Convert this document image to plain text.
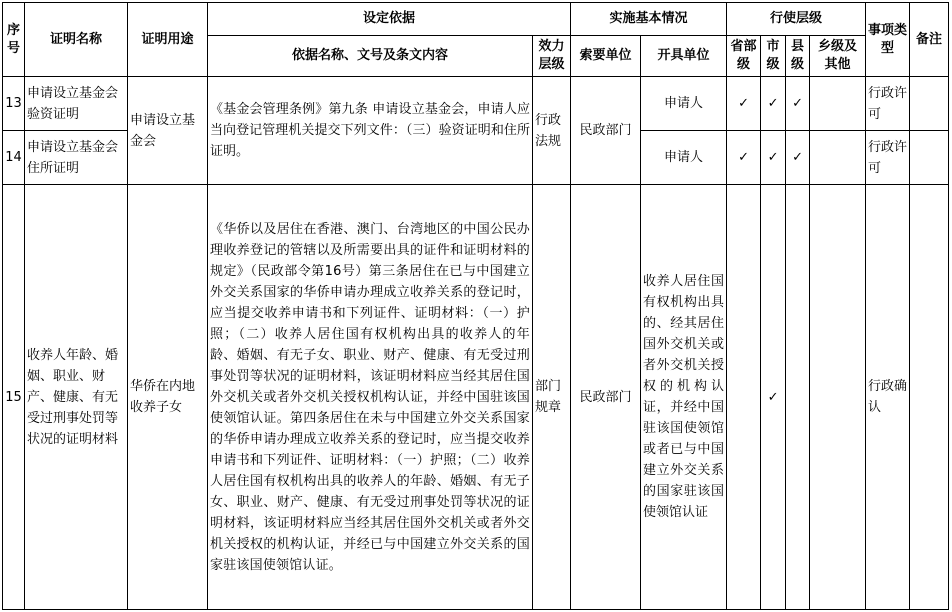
序号	证明名称	证明用途	设定依据		实施基本情况		行使层级				事项类型	备注
			依据名称、文号及条文内容	效力层级	索要单位	开具单位	省部级	市级	县级	乡级及其他		
13	申请设立基金会验资证明	申请设立基金会	《基金会管理条例》第九条 申请设立基金会，申请人应当向登记管理机关提交下列文件：（三）验资证明和住所证明。	行政法规	民政部门	申请人	✓	✓	✓		行政许可	
14	申请设立基金会住所证明					申请人	✓	✓	✓		行政许可	
15	收养人年龄、婚姻、职业、财产、健康、有无受过刑事处罚等状况的证明材料	华侨在内地收养子女	《华侨以及居住在香港、澳门、台湾地区的中国公民办理收养登记的管辖以及所需要出具的证件和证明材料的规定》（民政部令第16号）第三条居住在已与中国建立外交关系国家的华侨申请办理成立收养关系的登记时，应当提交收养申请书和下列证件、证明材料：（一）护照；（二）收养人居住国有权机构出具的收养人的年龄、婚姻、有无子女、职业、财产、健康、有无受过刑事处罚等状况的证明材料，该证明材料应当经其居住国外交机关或者外交机关授权机构认证，并经中国驻该国使领馆认证。第四条居住在未与中国建立外交关系国家的华侨申请办理成立收养关系的登记时，应当提交收养申请书和下列证件、证明材料：（一）护照；（二）收养人居住国有权机构出具的收养人的年龄、婚姻、有无子女、职业、财产、健康、有无受过刑事处罚等状况的证明材料，该证明材料应当经其居住国外交机关或者外交机关授权的机构认证，并经已与中国建立外交关系的国家驻该国使领馆认证。	部门规章	民政部门	收养人居住国有权机构出具的、经其居住国外交机关或者外交机关授权的机构认证，并经中国驻该国使领馆或者已与中国建立外交关系的国家驻该国使领馆认证		✓			行政确认	
